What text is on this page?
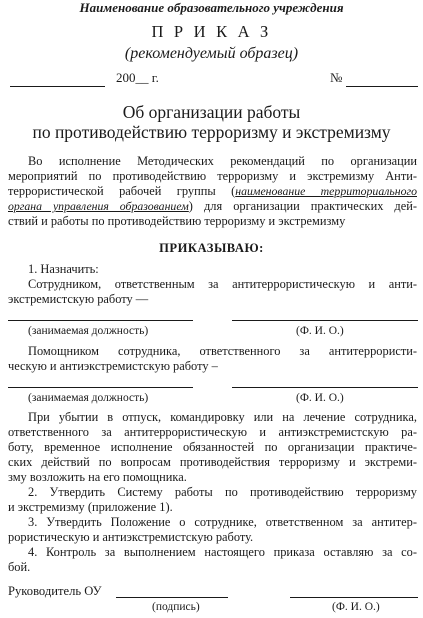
Наименование образовательного учреждения
П Р И К А З
(рекомендуемый образец)
200__ г.	№
Об организации работы
по противодействию терроризму и экстремизму
Во исполнение Методических рекомендаций по организации
мероприятий по противодействию терроризму и экстремизму Анти-
террористической рабочей группы (наименование территориального
органа управления образованием) для организации практических дей-
ствий и работы по противодействию терроризму и экстремизму
ПРИКАЗЫВАЮ:
1. Назначить:
Сотрудником, ответственным за антитеррористическую и анти-
экстремистскую работу —
(занимаемая должность)	(Ф. И. О.)
Помощником сотрудника, ответственного за антитеррористи-
ческую и антиэкстремистскую работу –
(занимаемая должность)	(Ф. И. О.)
При убытии в отпуск, командировку или на лечение сотрудника,
ответственного за антитеррористическую и антиэкстремистскую ра-
боту, временное исполнение обязанностей по организации практиче-
ских действий по вопросам противодействия терроризму и экстреми-
зму возложить на его помощника.
2. Утвердить Систему работы по противодействию терроризму
и экстремизму (приложение 1).
3. Утвердить Положение о сотруднике, ответственном за антитер-
рористическую и антиэкстремистскую работу.
4. Контроль за выполнением настоящего приказа оставляю за со-
бой.
Руководитель ОУ
(подпись)	(Ф. И. О.)
